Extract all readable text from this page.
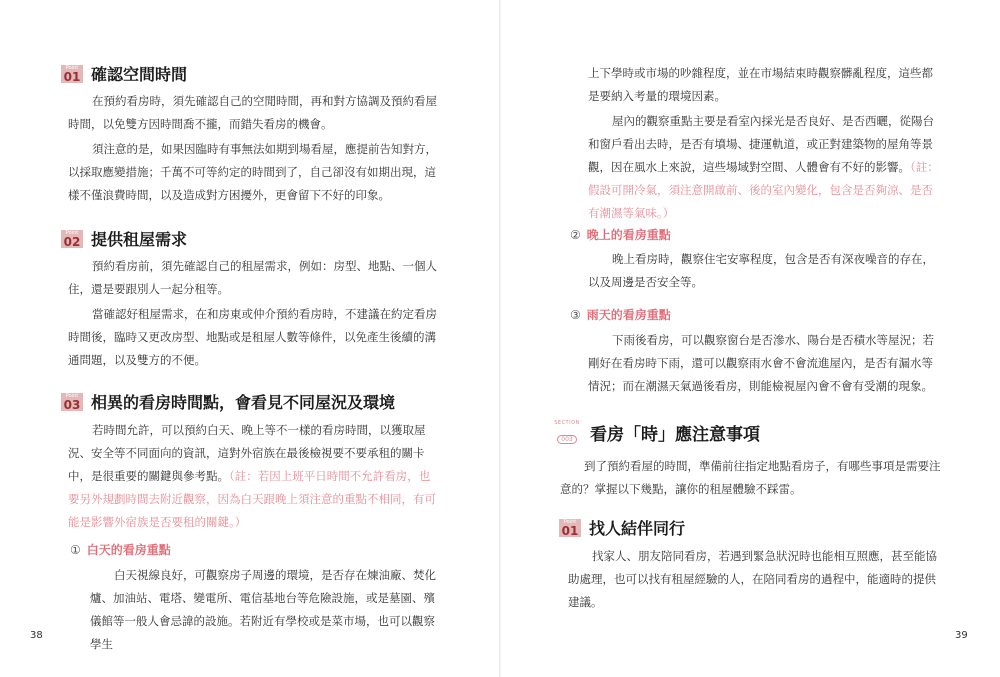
Point
01 確認空間時間

在預約看房時，須先確認自己的空閒時間，再和對方協調及預約看屋時間，以免雙方因時間喬不攏，而錯失看房的機會。

須注意的是，如果因臨時有事無法如期到場看屋，應提前告知對方，以採取應變措施；千萬不可等約定的時間到了，自己卻沒有如期出現，這樣不僅浪費時間，以及造成對方困擾外，更會留下不好的印象。

Point
02 提供租屋需求

預約看房前，須先確認自己的租屋需求，例如：房型、地點、一個人住，還是要跟別人一起分租等。

當確認好租屋需求，在和房東或仲介預約看房時，不建議在約定看房時間後，臨時又更改房型、地點或是租屋人數等條件，以免產生後續的溝通問題，以及雙方的不便。

Point
03 相異的看房時間點，會看見不同屋況及環境

若時間允許，可以預約白天、晚上等不一樣的看房時間，以獲取屋況、安全等不同面向的資訊，這對外宿族在最後檢視要不要承租的關卡中，是很重要的關鍵與參考點。（註：若因上班平日時間不允許看房，也要另外規劃時間去附近觀察，因為白天跟晚上須注意的重點不相同，有可能是影響外宿族是否要租的關鍵。）

① 白天的看房重點

白天視線良好，可觀察房子周邊的環境，是否存在煉油廠、焚化爐、加油站、電塔、變電所、電信基地台等危險設施，或是墓園、殯儀館等一般人會忌諱的設施。若附近有學校或是菜市場，也可以觀察學生

38

上下學時或市場的吵雜程度，並在市場結束時觀察髒亂程度，這些都是要納入考量的環境因素。

屋內的觀察重點主要是看室內採光是否良好、是否西曬，從陽台和窗戶看出去時，是否有墳場、捷運軌道，或正對建築物的屋角等景觀，因在風水上來說，這些場域對空間、人體會有不好的影響。（註：假設可開冷氣，須注意開啟前、後的室內變化，包含是否夠涼、是否有潮濕等氣味。）

② 晚上的看房重點

晚上看房時，觀察住宅安寧程度，包含是否有深夜噪音的存在，以及周邊是否安全等。

③ 雨天的看房重點

下雨後看房，可以觀察窗台是否滲水、陽台是否積水等屋況；若剛好在看房時下雨，還可以觀察雨水會不會流進屋內，是否有漏水等情況；而在潮濕天氣過後看房，則能檢視屋內會不會有受潮的現象。

SECTION
003	看房「時」應注意事項

到了預約看屋的時間，準備前往指定地點看房子，有哪些事項是需要注意的？掌握以下幾點，讓你的租屋體驗不踩雷。

Point
01 找人結伴同行

找家人、朋友陪同看房，若遇到緊急狀況時也能相互照應，甚至能協助處理，也可以找有租屋經驗的人，在陪同看房的過程中，能適時的提供建議。

39
